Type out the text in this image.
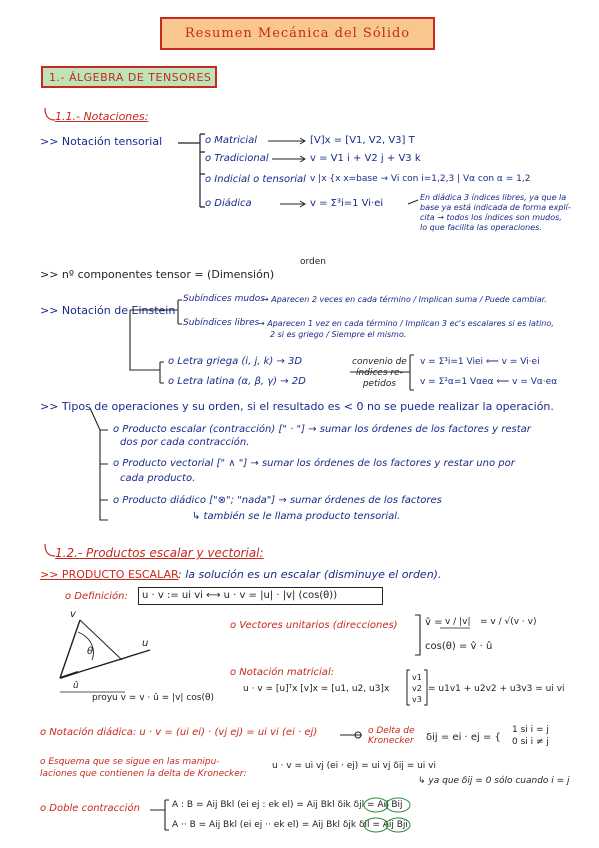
Resumen Mecánica del Sólido
1.- ÁLGEBRA DE TENSORES
1.1.- Notaciones:
>> Notación tensorial	o Matricial	[V]x = [V1, V2, V3] T
o Tradicional	v = V1 i + V2 j + V3 k
o Indicial o tensorial v |x {x x=base → Vi con i=1,2,3 | Vα con α = 1,2
o Diádica	v = Σ³i=1 Vi·ei
En diádica 3 índices libres, ya que la
base ya está indicada de forma explí-
cita → todos los índices son mudos,
lo que facilita las operaciones.
>> nº componentes tensor = (Dimensión)
orden
>> Notación de Einstein
Subíndices mudos
→ Aparecen 2 veces en cada término / Implican suma / Puede cambiar.
Subíndices libres
→ Aparecen 1 vez en cada término / Implican 3 ec's escalares si es latino,
2 si es griego / Siempre el mismo.
o Letra griega (i, j, k) → 3D
o Letra latina (α, β, γ) → 2D
convenio de
índices re-
petidos
v = Σ³i=1 Viei ⟸ v = Vi·ei
v = Σ²α=1 Vαeα ⟸ v = Vα·eα
>> Tipos de operaciones y su orden, si el resultado es < 0 no se puede realizar la operación.
o Producto escalar (contracción) [" · "] → sumar los órdenes de los factores y restar
dos por cada contracción.
o Producto vectorial [" ∧ "] → sumar los órdenes de los factores y restar uno por
cada producto.
o Producto diádico ["⊗"; "nada"] → sumar órdenes de los factores
↳ también se le llama producto tensorial.
1.2.- Productos escalar y vectorial:
>> PRODUCTO ESCALAR : la solución es un escalar (disminuye el orden).
o Definición: u · v := ui vi ⟷ u · v = |u| · |v| (cos(θ))
v
u
θ
û
proyu v = v · û = |v| cos(θ)
o Vectores unitarios (direcciones)	v̂ = v / |v| = v / √(v · v)
cos(θ) = v̂ · û
o Notación matricial:
u · v = [u]ᵀx [v]x = [u1, u2, u3]x
v1
v2
v3
= u1v1 + u2v2 + u3v3 = ui vi
o Notación diádica: u · v = (ui ei) · (vj ej) = ui vi (ei · ej)	o Delta de Kronecker	δij = ei · ej = {
1 si i = j
0 si i ≠ j
o Esquema que se sigue en las manipu-
laciones que contienen la delta de Kronecker:
u · v = ui vj (ei · ej) = ui vj δij = ui vi
↳ ya que δij = 0 sólo cuando i = j
o Doble contracción	A : B = Aij Bkl (ei ej : ek el) = Aij Bkl δik δjl = Aij Bij
A ·· B = Aij Bkl (ei ej ·· ek el) = Aij Bkl δjk δil = Aij Bji
